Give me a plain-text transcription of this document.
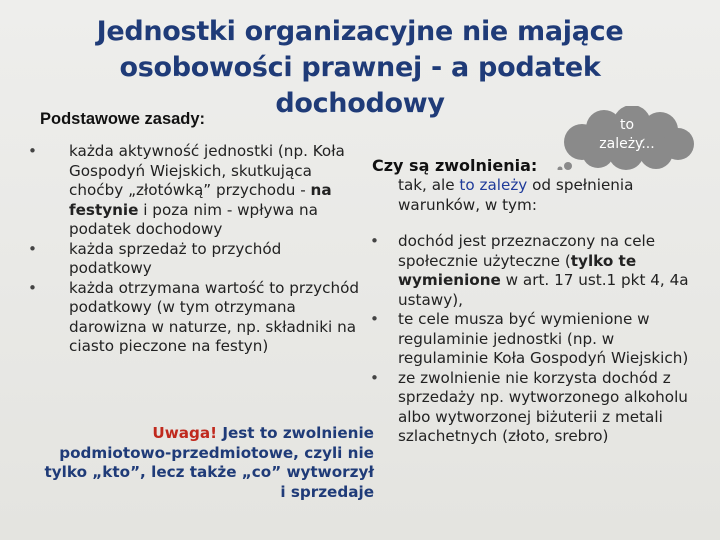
Jednostki organizacyjne nie mające osobowości prawnej - a podatek dochodowy
Podstawowe zasady:
• każda aktywność jednostki (np. Koła Gospodyń Wiejskich, skutkująca choćby „złotówką” przychodu - na festynie i poza nim - wpływa na podatek dochodowy
• każda sprzedaż to przychód podatkowy
• każda otrzymana wartość to przychód podatkowy (w tym otrzymana darowizna w naturze, np. składniki na ciasto pieczone na festyn)
Uwaga! Jest to zwolnienie podmiotowo-przedmiotowe, czyli nie tylko „kto”, lecz także „co” wytworzył i sprzedaje
Czy są zwolnienia:
tak, ale to zależy od spełnienia warunków, w tym:
• dochód jest przeznaczony na cele społecznie użyteczne (tylko te wymienione w art. 17 ust.1 pkt 4, 4a ustawy),
• te cele musza być wymienione w regulaminie jednostki (np. w regulaminie Koła Gospodyń Wiejskich)
• ze zwolnienie nie korzysta dochód z sprzedaży np. wytworzonego alkoholu albo wytworzonej biżuterii z metali szlachetnych (złoto, srebro)
to
zależy...
